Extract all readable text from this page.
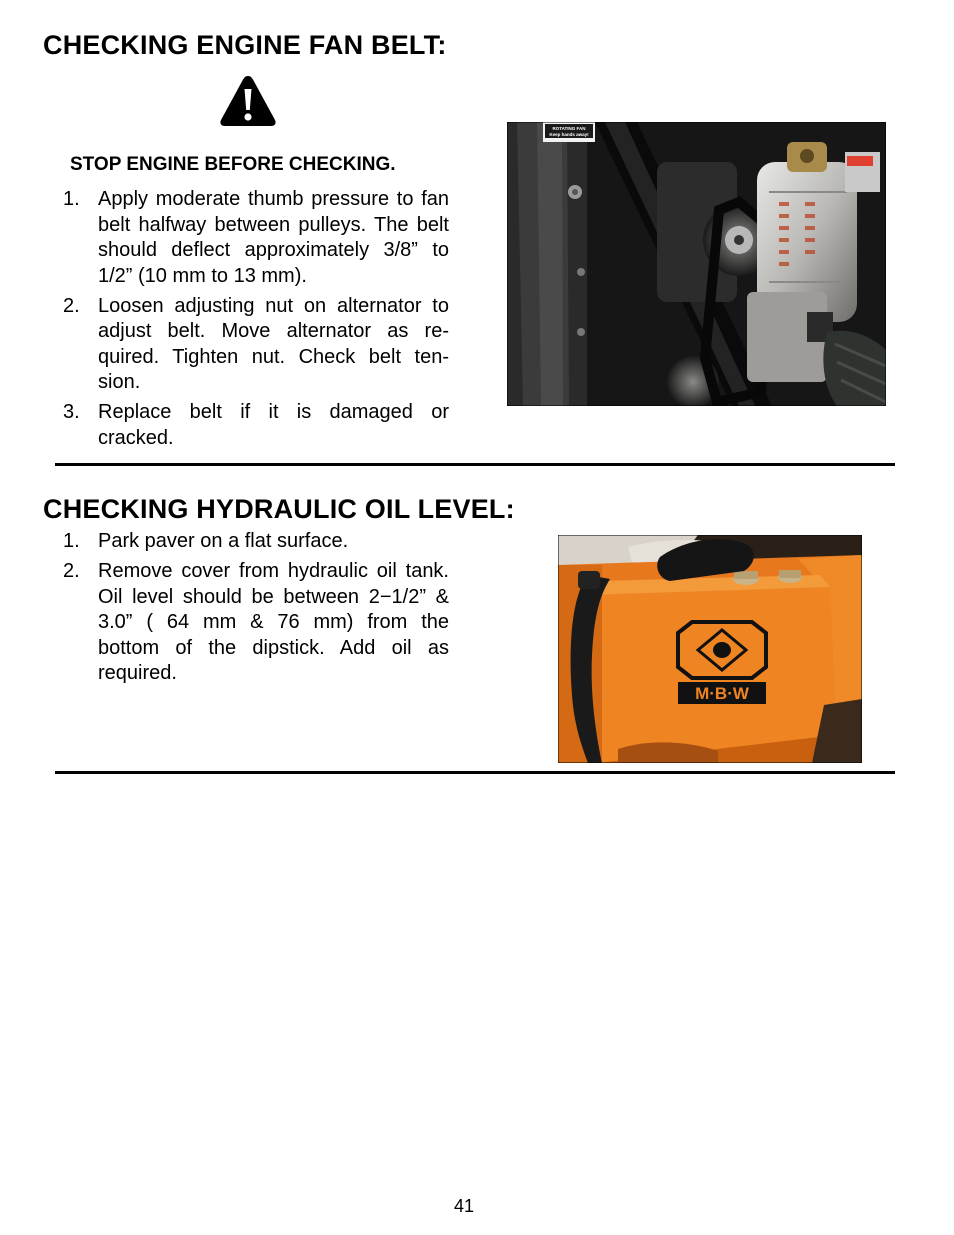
CHECKING ENGINE FAN BELT:
STOP ENGINE BEFORE CHECKING.
1. Apply moderate thumb pressure to fan belt halfway between pulleys. The belt should deflect approximately 3/8” to 1/2” (10 mm to 13 mm).
2. Loosen adjusting nut on alternator to adjust belt. Move alternator as re-quired. Tighten nut. Check belt ten-sion.
3. Replace belt if it is damaged or cracked.
ROTATING FAN
Keep hands away!
CHECKING HYDRAULIC OIL LEVEL:
1. Park paver on a flat surface.
2. Remove cover from hydraulic oil tank. Oil level should be between 2−1/2” & 3.0” ( 64 mm & 76 mm) from the bottom of the dipstick. Add oil as required.
M·B·W
41
